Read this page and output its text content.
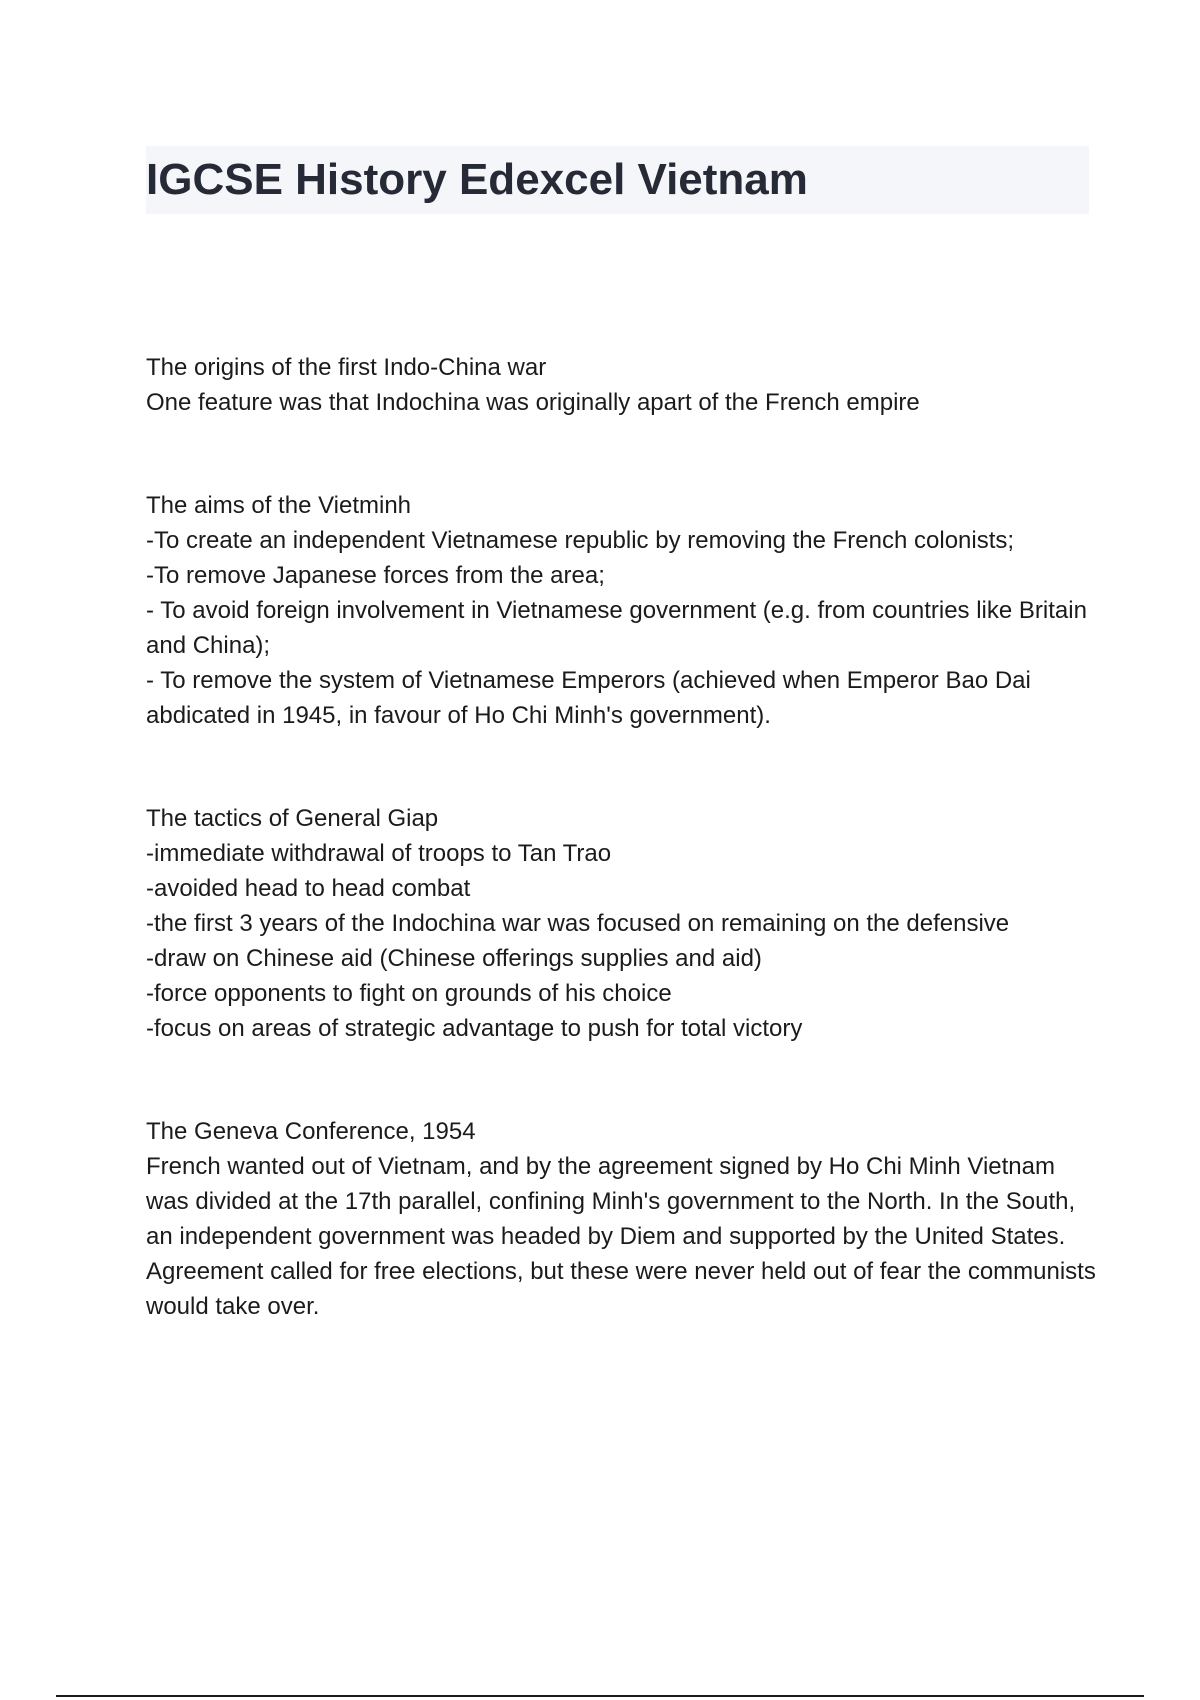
IGCSE History Edexcel Vietnam

The origins of the first Indo-China war

One feature was that Indochina was originally apart of the French empire

The aims of the Vietminh

-To create an independent Vietnamese republic by removing the French colonists;

-To remove Japanese forces from the area;

- To avoid foreign involvement in Vietnamese government (e.g. from countries like Britain and China);

- To remove the system of Vietnamese Emperors (achieved when Emperor Bao Dai abdicated in 1945, in favour of Ho Chi Minh's government).

The tactics of General Giap

-immediate withdrawal of troops to Tan Trao

-avoided head to head combat

-the first 3 years of the Indochina war was focused on remaining on the defensive

-draw on Chinese aid (Chinese offerings supplies and aid)

-force opponents to fight on grounds of his choice

-focus on areas of strategic advantage to push for total victory

The Geneva Conference, 1954

French wanted out of Vietnam, and by the agreement signed by Ho Chi Minh Vietnam was divided at the 17th parallel, confining Minh's government to the North. In the South, an independent government was headed by Diem and supported by the United States. Agreement called for free elections, but these were never held out of fear the communists would take over.
